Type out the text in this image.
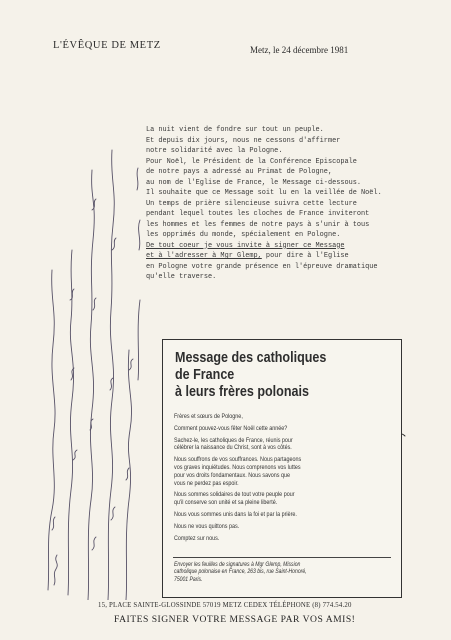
L'ÉVÊQUE DE METZ	Metz, le 24 décembre 1981
La nuit vient de fondre sur tout un peuple.
Et depuis dix jours, nous ne cessons d'affirmer
notre solidarité avec la Pologne.
Pour Noël, le Président de la Conférence Episcopale
de notre pays a adressé au Primat de Pologne,
au nom de l'Eglise de France, le Message ci-dessous.
Il souhaite que ce Message soit lu en la veillée de Noël.
Un temps de prière silencieuse suivra cette lecture
pendant lequel toutes les cloches de France inviteront
les hommes et les femmes de notre pays à s'unir à tous
les opprimés du monde, spécialement en Pologne.
De tout coeur je vous invite à signer ce Message
et à l'adresser à Mgr Glemp, pour dire à l'Eglise
en Pologne votre grande présence en l'épreuve dramatique
qu'elle traverse.
Message des catholiques
de France
à leurs frères polonais

Frères et sœurs de Pologne,

Comment pouvez-vous fêter Noël cette année?

Sachez-le, les catholiques de France, réunis pour
célébrer la naissance du Christ, sont à vos côtés.

Nous souffrons de vos souffrances. Nous partageons
vos graves inquiétudes. Nous comprenons vos luttes
pour vos droits fondamentaux. Nous savons que
vous ne perdez pas espoir.

Nous sommes solidaires de tout votre peuple pour
qu'il conserve son unité et sa pleine liberté.

Nous vous sommes unis dans la foi et par la prière.

Nous ne vous quittons pas.

Comptez sur nous.

Envoyer les feuilles de signatures à Mgr Glemp, Mission
catholique polonaise en France, 263 bis, rue Saint-Honoré,
75001 Paris.
15, PLACE SAINTE-GLOSSINDE 57019 METZ CEDEX TÉLÉPHONE (8) 774.54.20
FAITES SIGNER VOTRE MESSAGE PAR VOS AMIS!
